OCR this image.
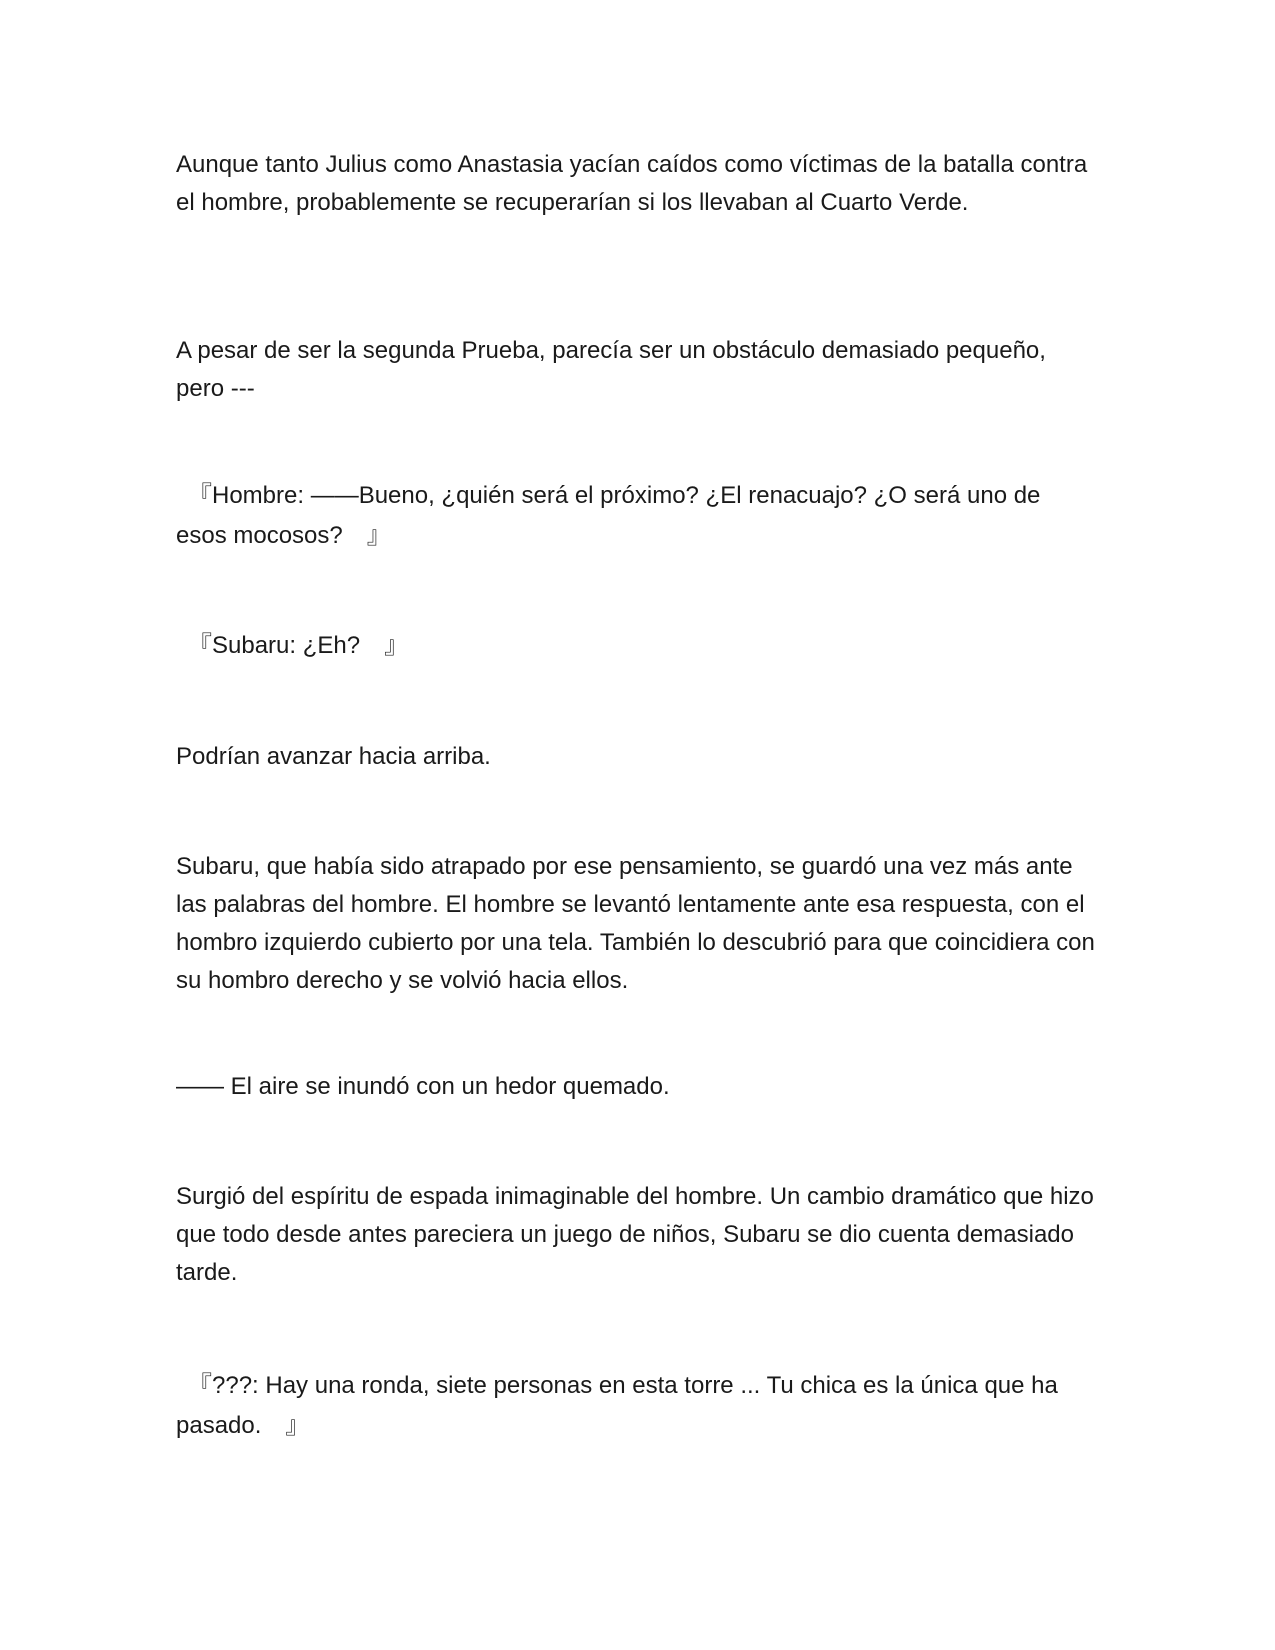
Aunque tanto Julius como Anastasia yacían caídos como víctimas de la batalla contra el hombre, probablemente se recuperarían si los llevaban al Cuarto Verde.

A pesar de ser la segunda Prueba, parecía ser un obstáculo demasiado pequeño, pero ---

　『Hombre: ——Bueno, ¿quién será el próximo? ¿El renacuajo? ¿O será uno de esos mocosos?　』

　『Subaru: ¿Eh?　』

Podrían avanzar hacia arriba.

Subaru, que había sido atrapado por ese pensamiento, se guardó una vez más ante las palabras del hombre. El hombre se levantó lentamente ante esa respuesta, con el hombro izquierdo cubierto por una tela. También lo descubrió para que coincidiera con su hombro derecho y se volvió hacia ellos.

—— El aire se inundó con un hedor quemado.

Surgió del espíritu de espada inimaginable del hombre. Un cambio dramático que hizo que todo desde antes pareciera un juego de niños, Subaru se dio cuenta demasiado tarde.

　『???: Hay una ronda, siete personas en esta torre ... Tu chica es la única que ha pasado.　』
